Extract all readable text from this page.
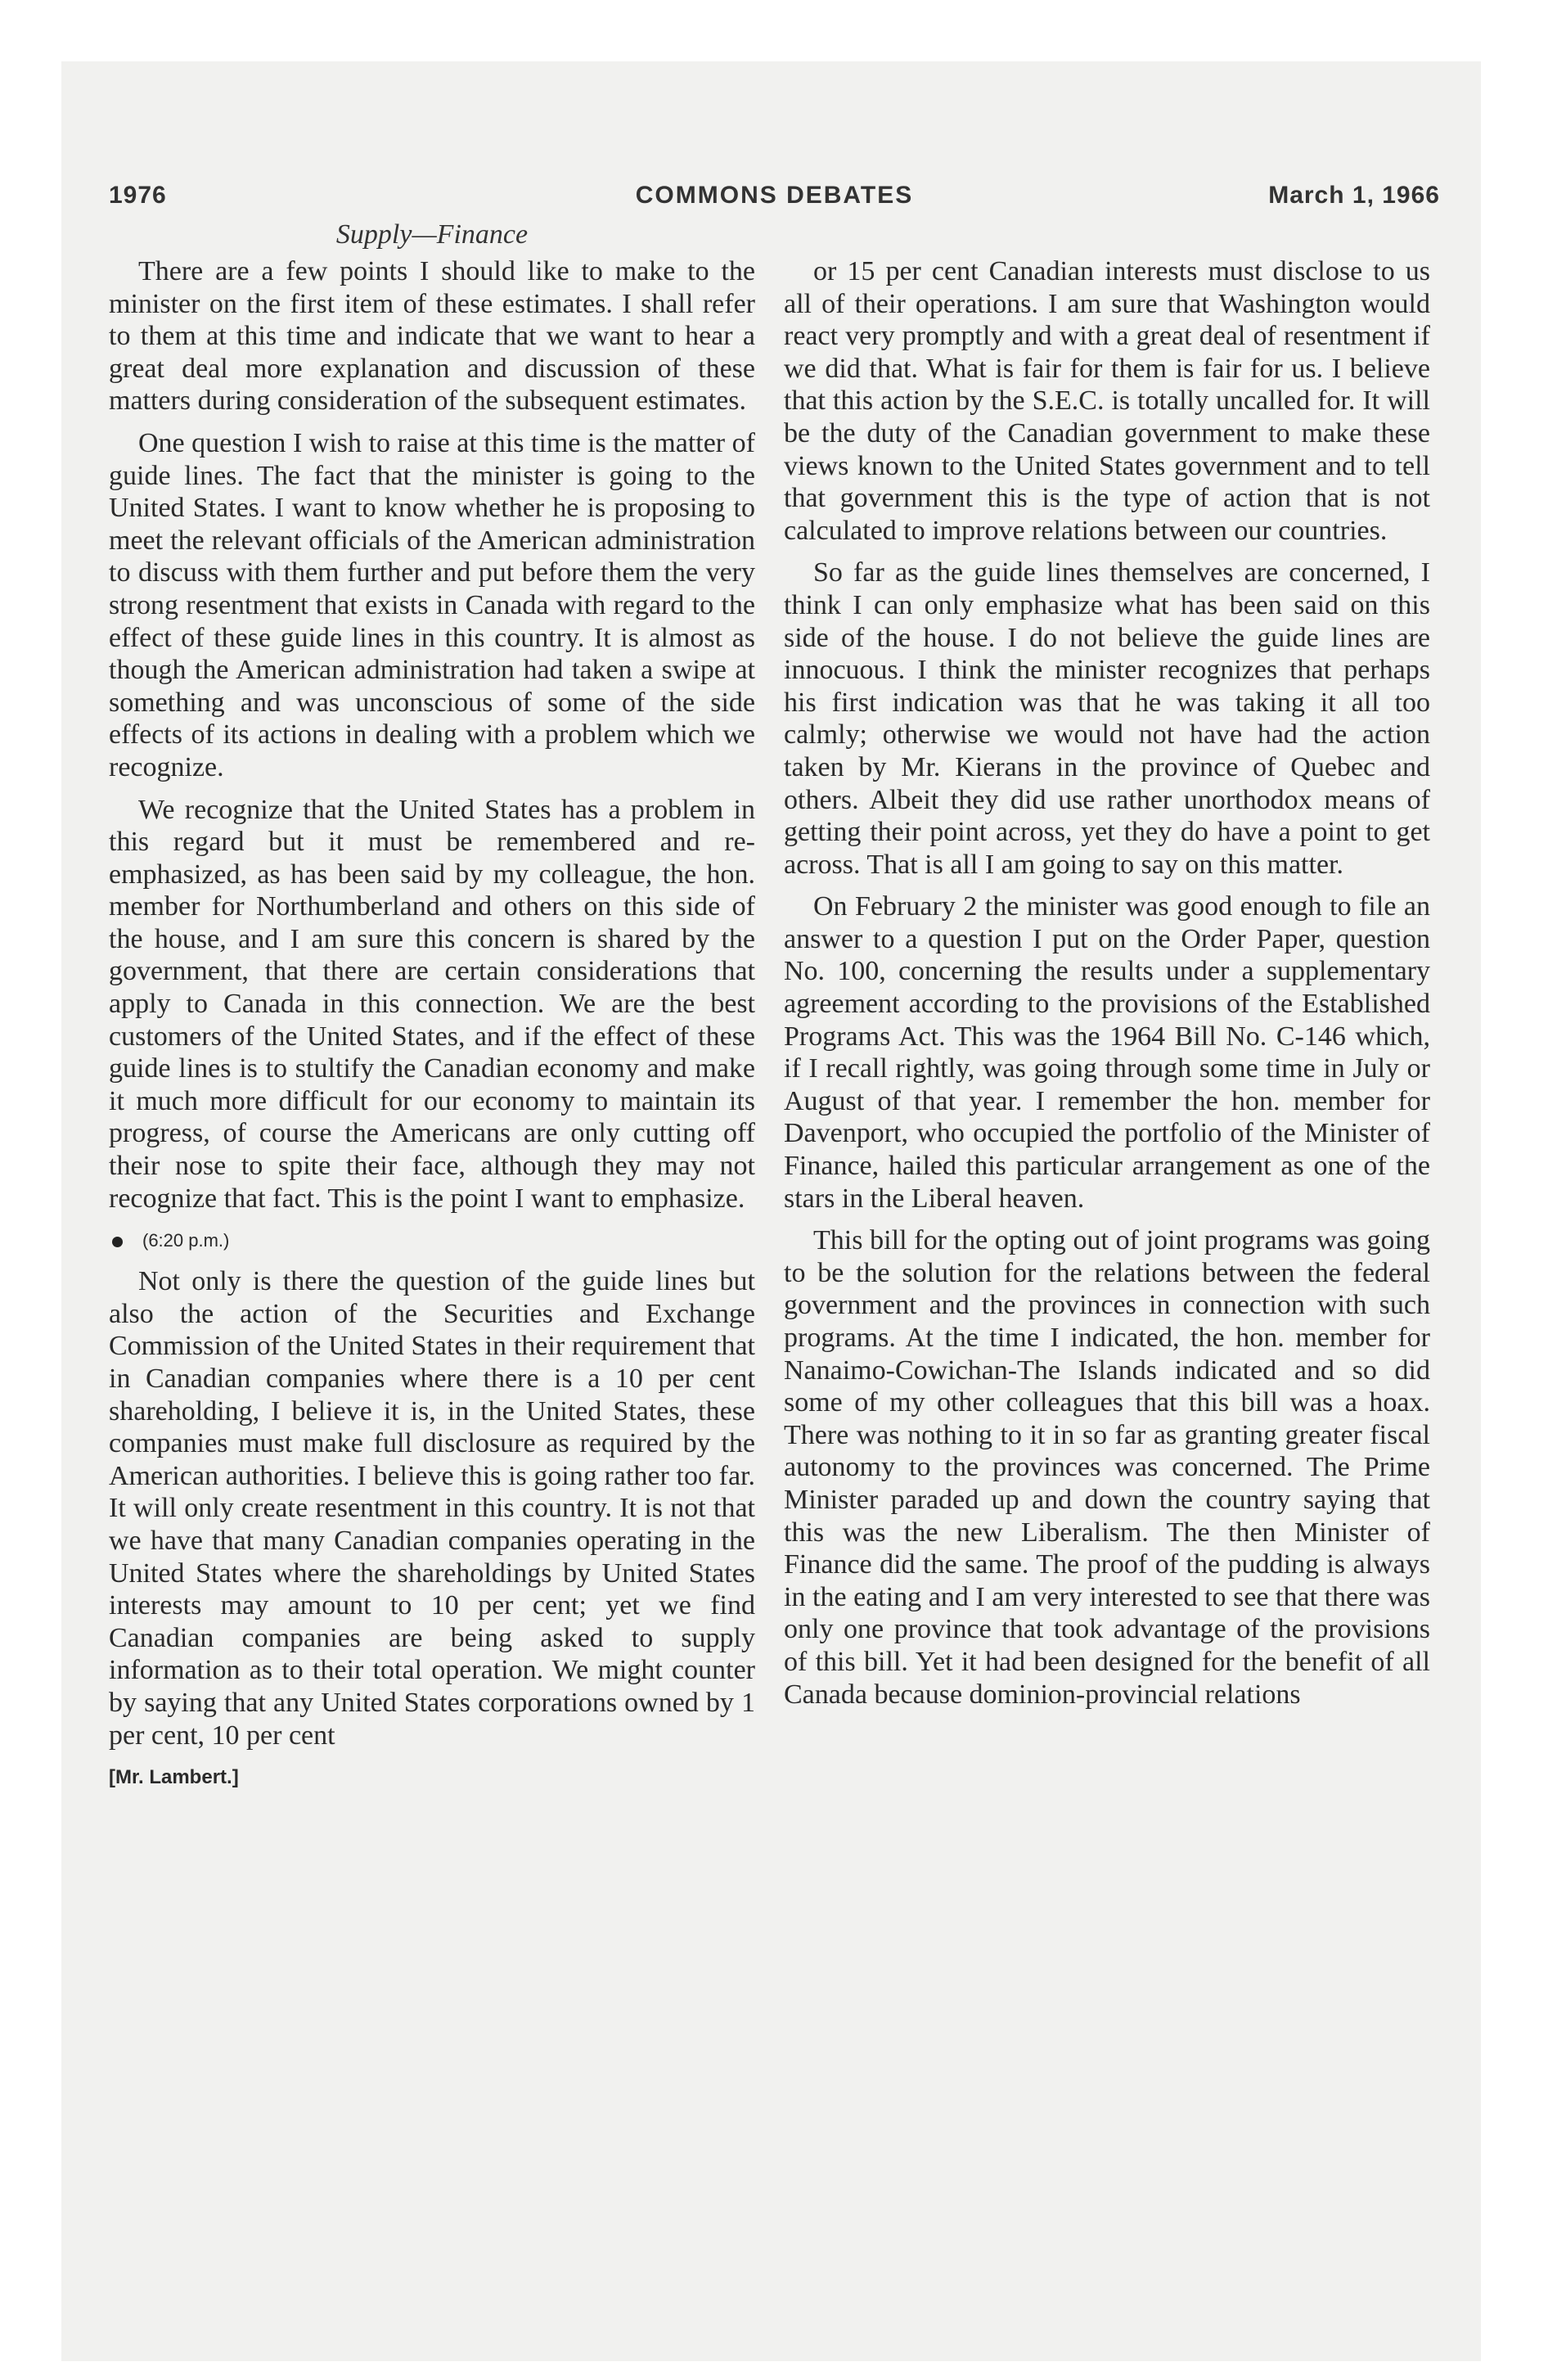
1976	COMMONS DEBATES	March 1, 1966
Supply—Finance

There are a few points I should like to make to the minister on the first item of these estimates. I shall refer to them at this time and indicate that we want to hear a great deal more explanation and discussion of these matters during consideration of the subsequent estimates.

One question I wish to raise at this time is the matter of guide lines. The fact that the minister is going to the United States. I want to know whether he is proposing to meet the relevant officials of the American administration to discuss with them further and put before them the very strong resentment that exists in Canada with regard to the effect of these guide lines in this country. It is almost as though the American administration had taken a swipe at something and was unconscious of some of the side effects of its actions in dealing with a problem which we recognize.

We recognize that the United States has a problem in this regard but it must be remembered and re-emphasized, as has been said by my colleague, the hon. member for Northumberland and others on this side of the house, and I am sure this concern is shared by the government, that there are certain considerations that apply to Canada in this connection. We are the best customers of the United States, and if the effect of these guide lines is to stultify the Canadian economy and make it much more difficult for our economy to maintain its progress, of course the Americans are only cutting off their nose to spite their face, although they may not recognize that fact. This is the point I want to emphasize.

(6:20 p.m.)

Not only is there the question of the guide lines but also the action of the Securities and Exchange Commission of the United States in their requirement that in Canadian companies where there is a 10 per cent shareholding, I believe it is, in the United States, these companies must make full disclosure as required by the American authorities. I believe this is going rather too far. It will only create resentment in this country. It is not that we have that many Canadian companies operating in the United States where the shareholdings by United States interests may amount to 10 per cent; yet we find Canadian companies are being asked to supply information as to their total operation. We might counter by saying that any United States corporations owned by 1 per cent, 10 per cent

[Mr. Lambert.]

or 15 per cent Canadian interests must disclose to us all of their operations. I am sure that Washington would react very promptly and with a great deal of resentment if we did that. What is fair for them is fair for us. I believe that this action by the S.E.C. is totally uncalled for. It will be the duty of the Canadian government to make these views known to the United States government and to tell that government this is the type of action that is not calculated to improve relations between our countries.

So far as the guide lines themselves are concerned, I think I can only emphasize what has been said on this side of the house. I do not believe the guide lines are innocuous. I think the minister recognizes that perhaps his first indication was that he was taking it all too calmly; otherwise we would not have had the action taken by Mr. Kierans in the province of Quebec and others. Albeit they did use rather unorthodox means of getting their point across, yet they do have a point to get across. That is all I am going to say on this matter.

On February 2 the minister was good enough to file an answer to a question I put on the Order Paper, question No. 100, concerning the results under a supplementary agreement according to the provisions of the Established Programs Act. This was the 1964 Bill No. C-146 which, if I recall rightly, was going through some time in July or August of that year. I remember the hon. member for Davenport, who occupied the portfolio of the Minister of Finance, hailed this particular arrangement as one of the stars in the Liberal heaven.

This bill for the opting out of joint programs was going to be the solution for the relations between the federal government and the provinces in connection with such programs. At the time I indicated, the hon. member for Nanaimo-Cowichan-The Islands indicated and so did some of my other colleagues that this bill was a hoax. There was nothing to it in so far as granting greater fiscal autonomy to the provinces was concerned. The Prime Minister paraded up and down the country saying that this was the new Liberalism. The then Minister of Finance did the same. The proof of the pudding is always in the eating and I am very interested to see that there was only one province that took advantage of the provisions of this bill. Yet it had been designed for the benefit of all Canada because dominion-provincial relations
